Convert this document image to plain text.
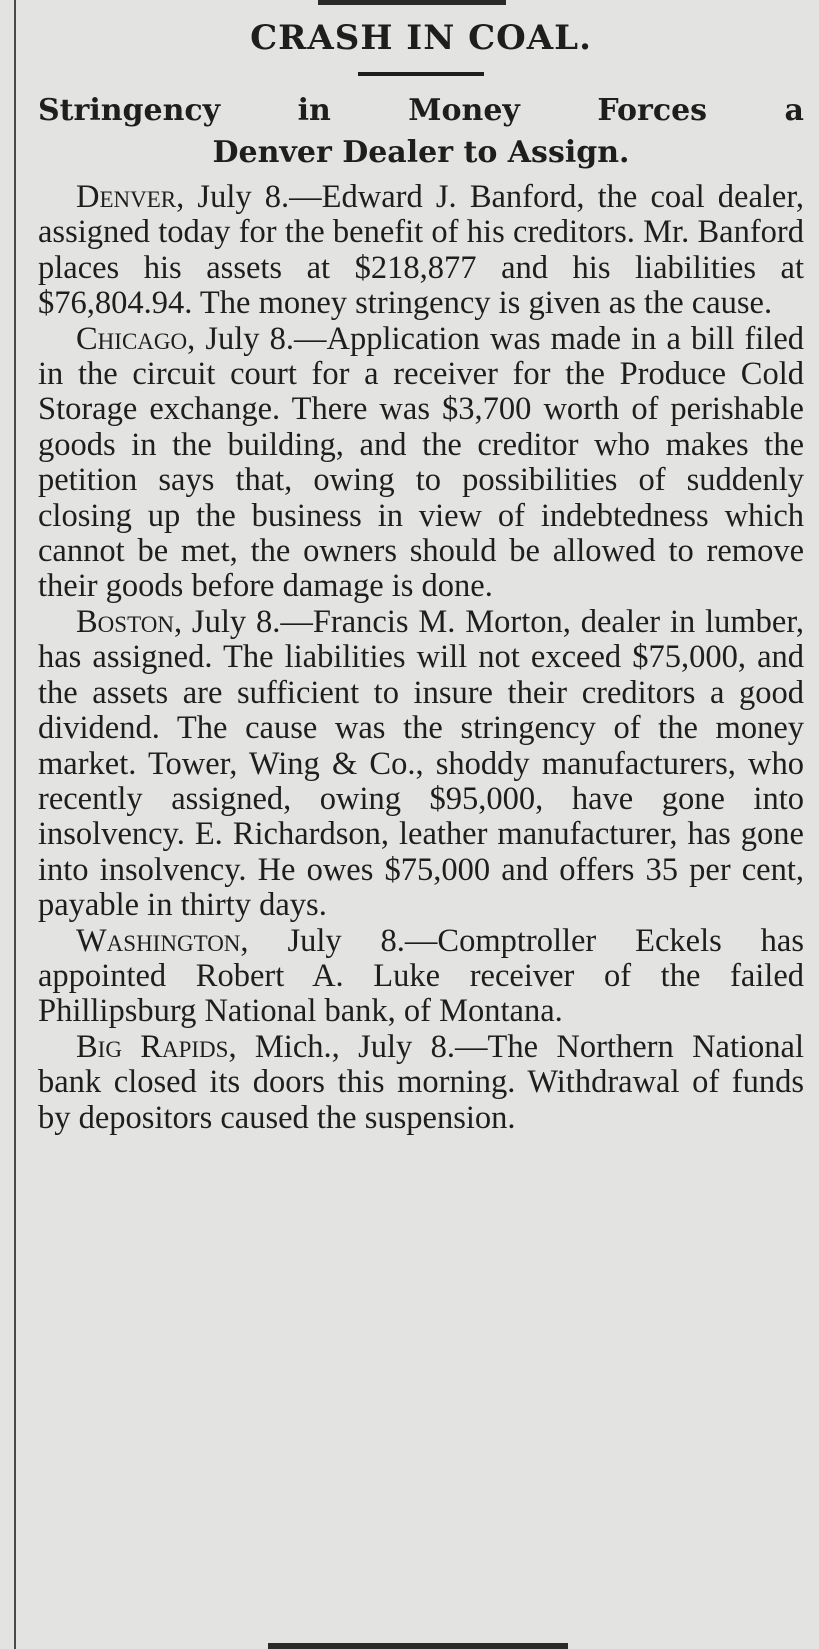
CRASH IN COAL.
Stringency in Money Forces a
Denver Dealer to Assign.

Denver, July 8.—Edward J. Banford, the coal dealer, assigned today for the benefit of his creditors. Mr. Banford places his assets at $218,877 and his liabilities at $76,804.94. The money stringency is given as the cause.

Chicago, July 8.—Application was made in a bill filed in the circuit court for a receiver for the Produce Cold Storage exchange. There was $3,700 worth of perishable goods in the building, and the creditor who makes the petition says that, owing to possibilities of suddenly closing up the business in view of indebtedness which cannot be met, the owners should be allowed to remove their goods before damage is done.

Boston, July 8.—Francis M. Morton, dealer in lumber, has assigned. The liabilities will not exceed $75,000, and the assets are sufficient to insure their creditors a good dividend. The cause was the stringency of the money market. Tower, Wing & Co., shoddy manufacturers, who recently assigned, owing $95,000, have gone into insolvency. E. Richardson, leather manufacturer, has gone into insolvency. He owes $75,000 and offers 35 per cent, payable in thirty days.

Washington, July 8.—Comptroller Eckels has appointed Robert A. Luke receiver of the failed Phillipsburg National bank, of Montana.

Big Rapids, Mich., July 8.—The Northern National bank closed its doors this morning. Withdrawal of funds by depositors caused the suspension.
